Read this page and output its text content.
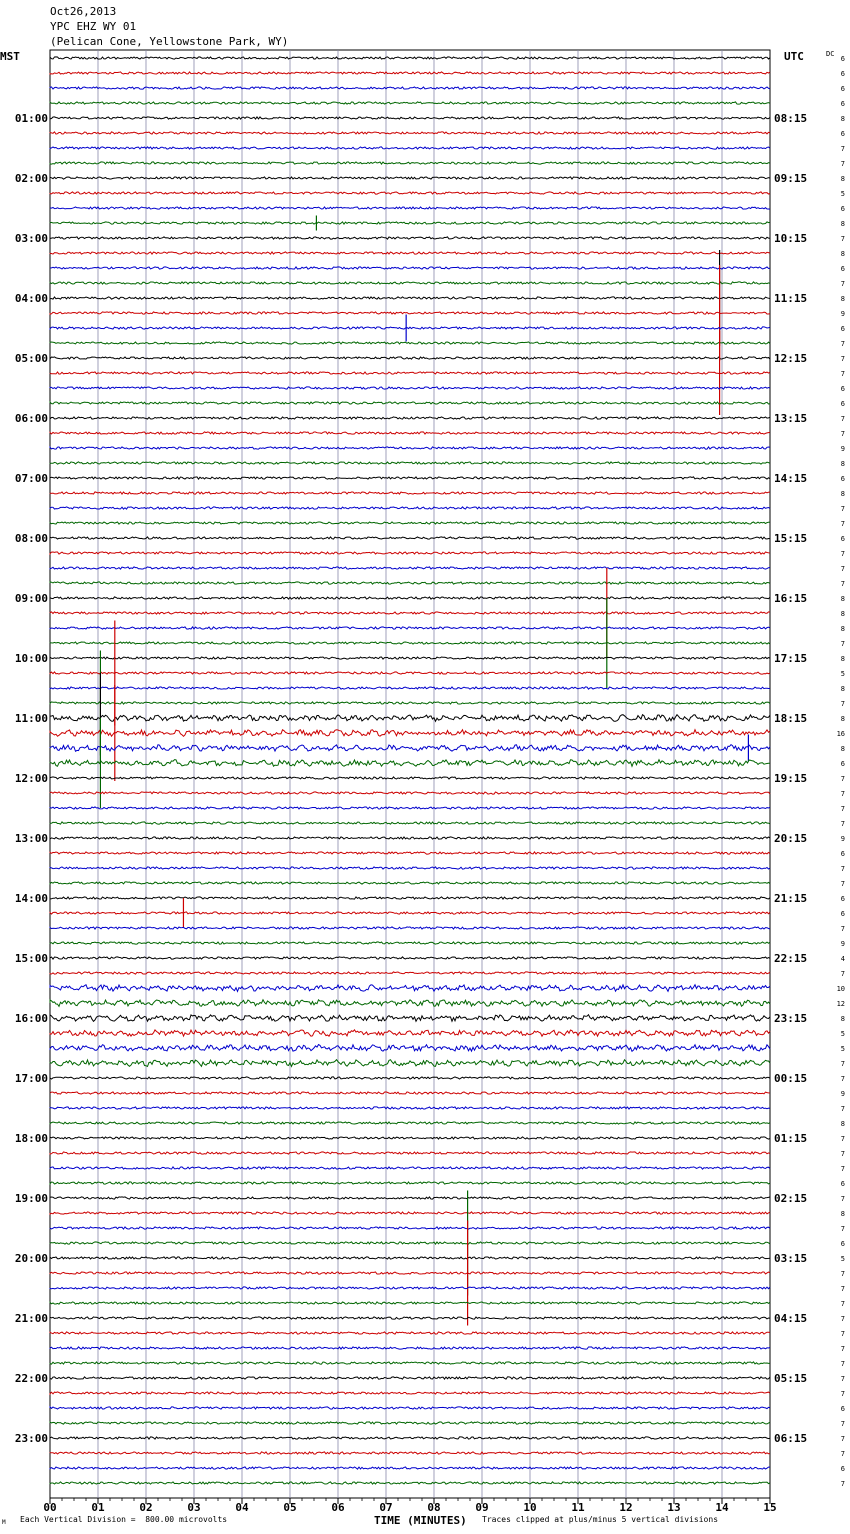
Oct26,2013
YPC EHZ WY 01
(Pelican Cone, Yellowstone Park, WY)
MST	UTC	DC
00	01	02	03	04	05	06	07	08	09	10	11	12	13	14	15
6
6
6
6
8
6
7
7
8
5
6
8
7
8
6
7
8
9
6
7
7
7
6
6
7
7
9
8
6
8
7
7
6
7
7
7
8
8
8
7
8
5
8
7
8
16
8
6
7
7
7
7
9
6
7
7
6
6
7
9
4
7
10
12
8
5
5
7
7
9
7
8
7
7
7
6
7
8
7
6
5
7
7
7
7
7
7
7
7
7
6
7
7
7
6
7
01:00	08:15
02:00	09:15
03:00	10:15
04:00	11:15
05:00	12:15
06:00	13:15
07:00	14:15
08:00	15:15
09:00	16:15
10:00	17:15
11:00	18:15
12:00	19:15
13:00	20:15
14:00	21:15
15:00	22:15
16:00	23:15
17:00	00:15
18:00	01:15
19:00	02:15
20:00	03:15
21:00	04:15
22:00	05:15
23:00	06:15
M Each Vertical Division =  800.00 microvolts	TIME (MINUTES) Traces clipped at plus/minus 5 vertical divisions
